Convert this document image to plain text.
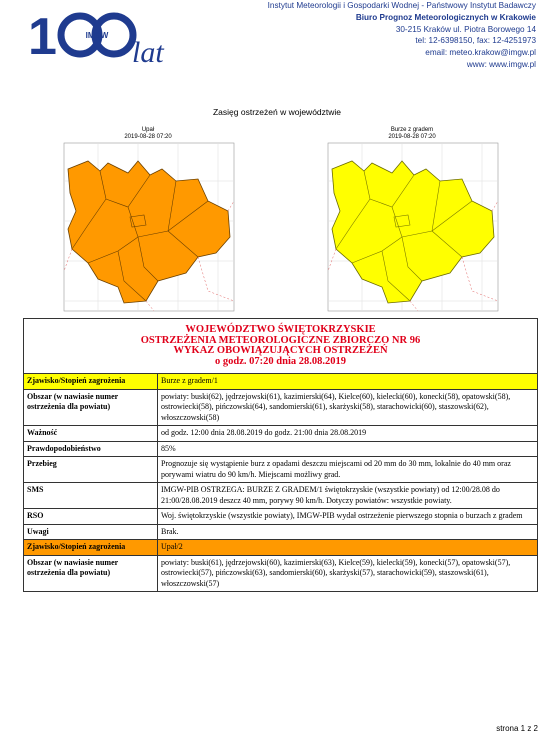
1	IMGW
lat
Instytut Meteorologii i Gospodarki Wodnej - Państwowy Instytut Badawczy
Biuro Prognoz Meteorologicznych w Krakowie
30-215 Kraków ul. Piotra Borowego 14
tel: 12-6398150, fax: 12-4251973
email: meteo.krakow@imgw.pl
www: www.imgw.pl
Zasięg ostrzeżeń w województwie
Upał
2019-08-28 07:20
Burze z gradem
2019-08-28 07:20
WOJEWÓDZTWO ŚWIĘTOKRZYSKIE
OSTRZEŻENIA METEOROLOGICZNE ZBIORCZO NR 96
WYKAZ OBOWIĄZUJĄCYCH OSTRZEŻEŃ
o godz. 07:20 dnia 28.08.2019	

Zjawisko/Stopień zagrożenia	Burze z gradem/1
Obszar (w nawiasie numer ostrzeżenia dla powiatu)	powiaty: buski(62), jędrzejowski(61), kazimierski(64), Kielce(60), kielecki(60), konecki(58), opatowski(58), ostrowiecki(58), pińczowski(64), sandomierski(61), skarżyski(58), starachowicki(60), staszowski(62), włoszczowski(58)
Ważność	od godz. 12:00 dnia 28.08.2019 do godz. 21:00 dnia 28.08.2019
Prawdopodobieństwo	85%
Przebieg	Prognozuje się wystąpienie burz z opadami deszczu miejscami od 20 mm do 30 mm, lokalnie do 40 mm oraz porywami wiatru do 90 km/h. Miejscami możliwy grad.
SMS	IMGW-PIB OSTRZEGA: BURZE Z GRADEM/1 świętokrzyskie (wszystkie powiaty) od 12:00/28.08 do 21:00/28.08.2019 deszcz 40 mm, porywy 90 km/h. Dotyczy powiatów: wszystkie powiaty.
RSO	Woj. świętokrzyskie (wszystkie powiaty), IMGW-PIB wydał ostrzeżenie pierwszego stopnia o burzach z gradem
Uwagi	Brak.
Zjawisko/Stopień zagrożenia	Upał/2
Obszar (w nawiasie numer ostrzeżenia dla powiatu)	powiaty: buski(61), jędrzejowski(60), kazimierski(63), Kielce(59), kielecki(59), konecki(57), opatowski(57), ostrowiecki(57), pińczowski(63), sandomierski(60), skarżyski(57), starachowicki(59), staszowski(61), włoszczowski(57)
strona 1 z 2
